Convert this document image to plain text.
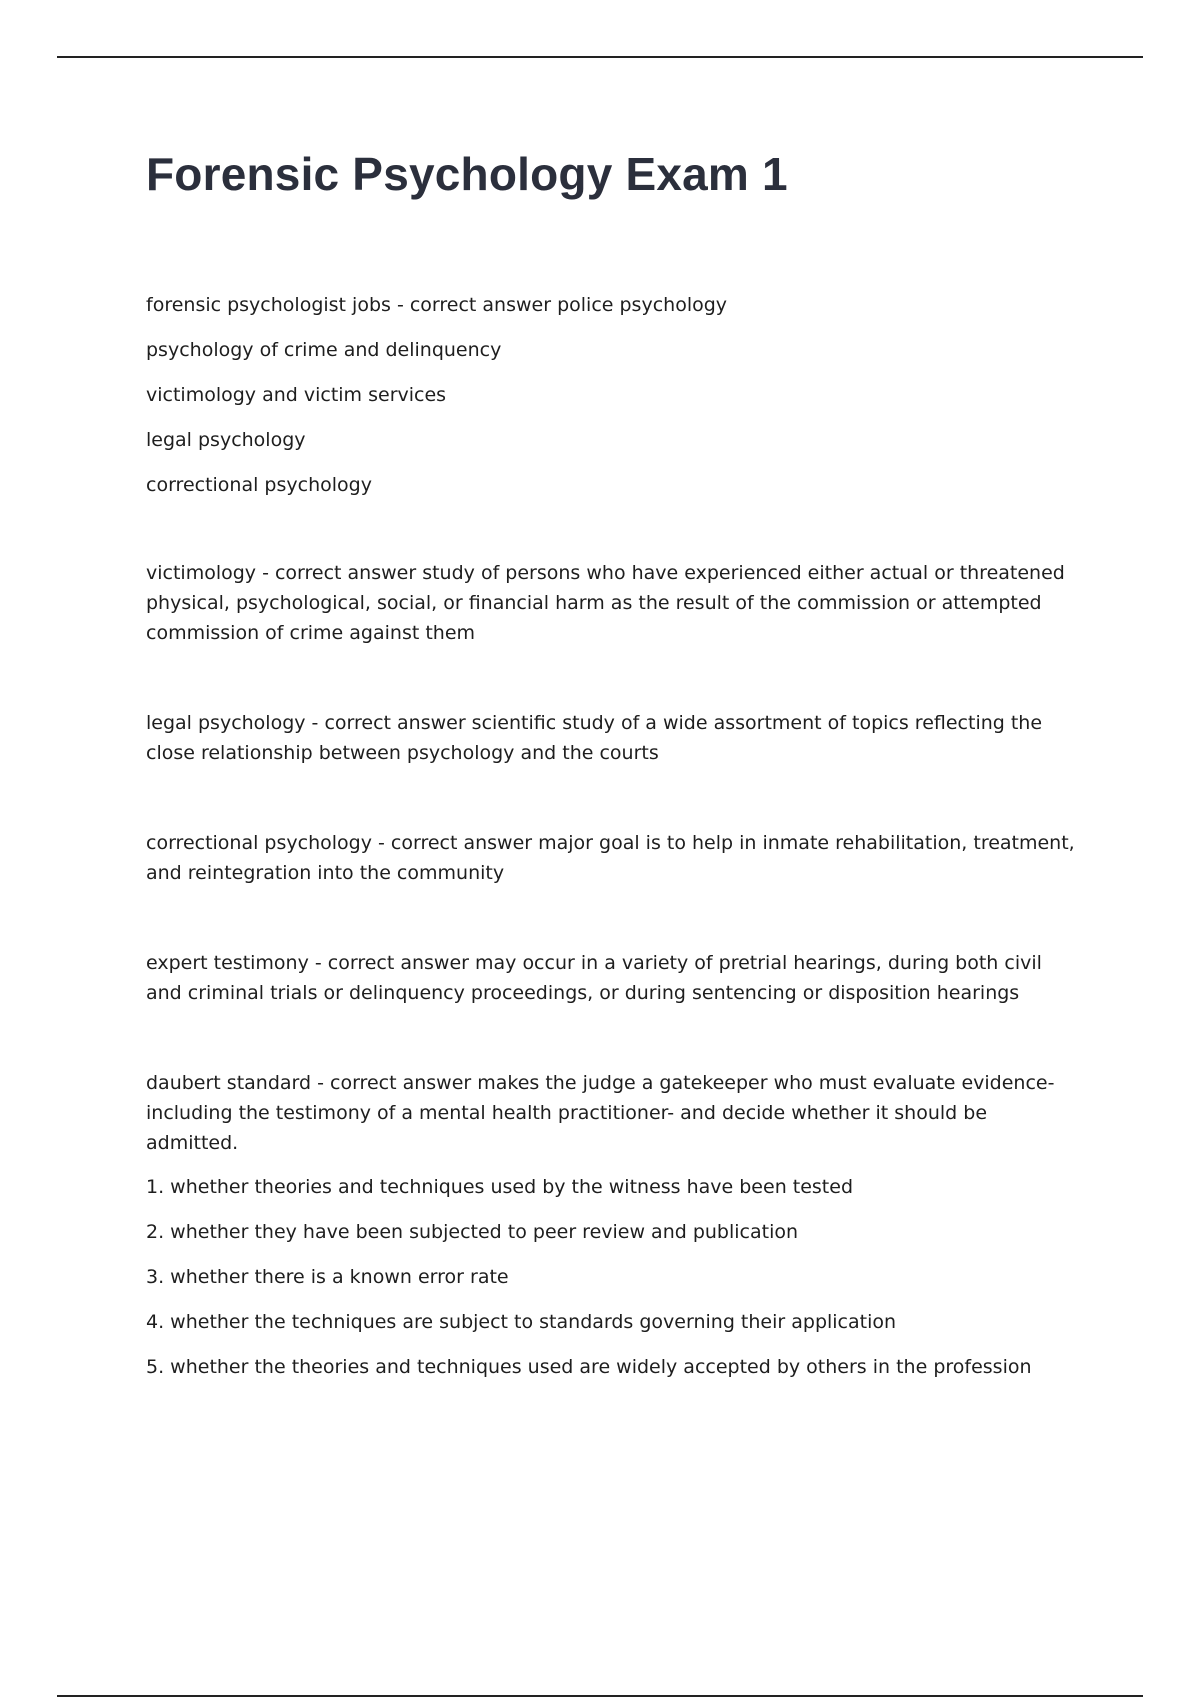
Forensic Psychology Exam 1

forensic psychologist jobs - correct answer police psychology

psychology of crime and delinquency

victimology and victim services

legal psychology

correctional psychology

victimology - correct answer study of persons who have experienced either actual or threatened physical, psychological, social, or financial harm as the result of the commission or attempted commission of crime against them

legal psychology - correct answer scientific study of a wide assortment of topics reflecting the close relationship between psychology and the courts

correctional psychology - correct answer major goal is to help in inmate rehabilitation, treatment, and reintegration into the community

expert testimony - correct answer may occur in a variety of pretrial hearings, during both civil and criminal trials or delinquency proceedings, or during sentencing or disposition hearings

daubert standard - correct answer makes the judge a gatekeeper who must evaluate evidence- including the testimony of a mental health practitioner- and decide whether it should be admitted.

1. whether theories and techniques used by the witness have been tested

2. whether they have been subjected to peer review and publication

3. whether there is a known error rate

4. whether the techniques are subject to standards governing their application

5. whether the theories and techniques used are widely accepted by others in the profession
